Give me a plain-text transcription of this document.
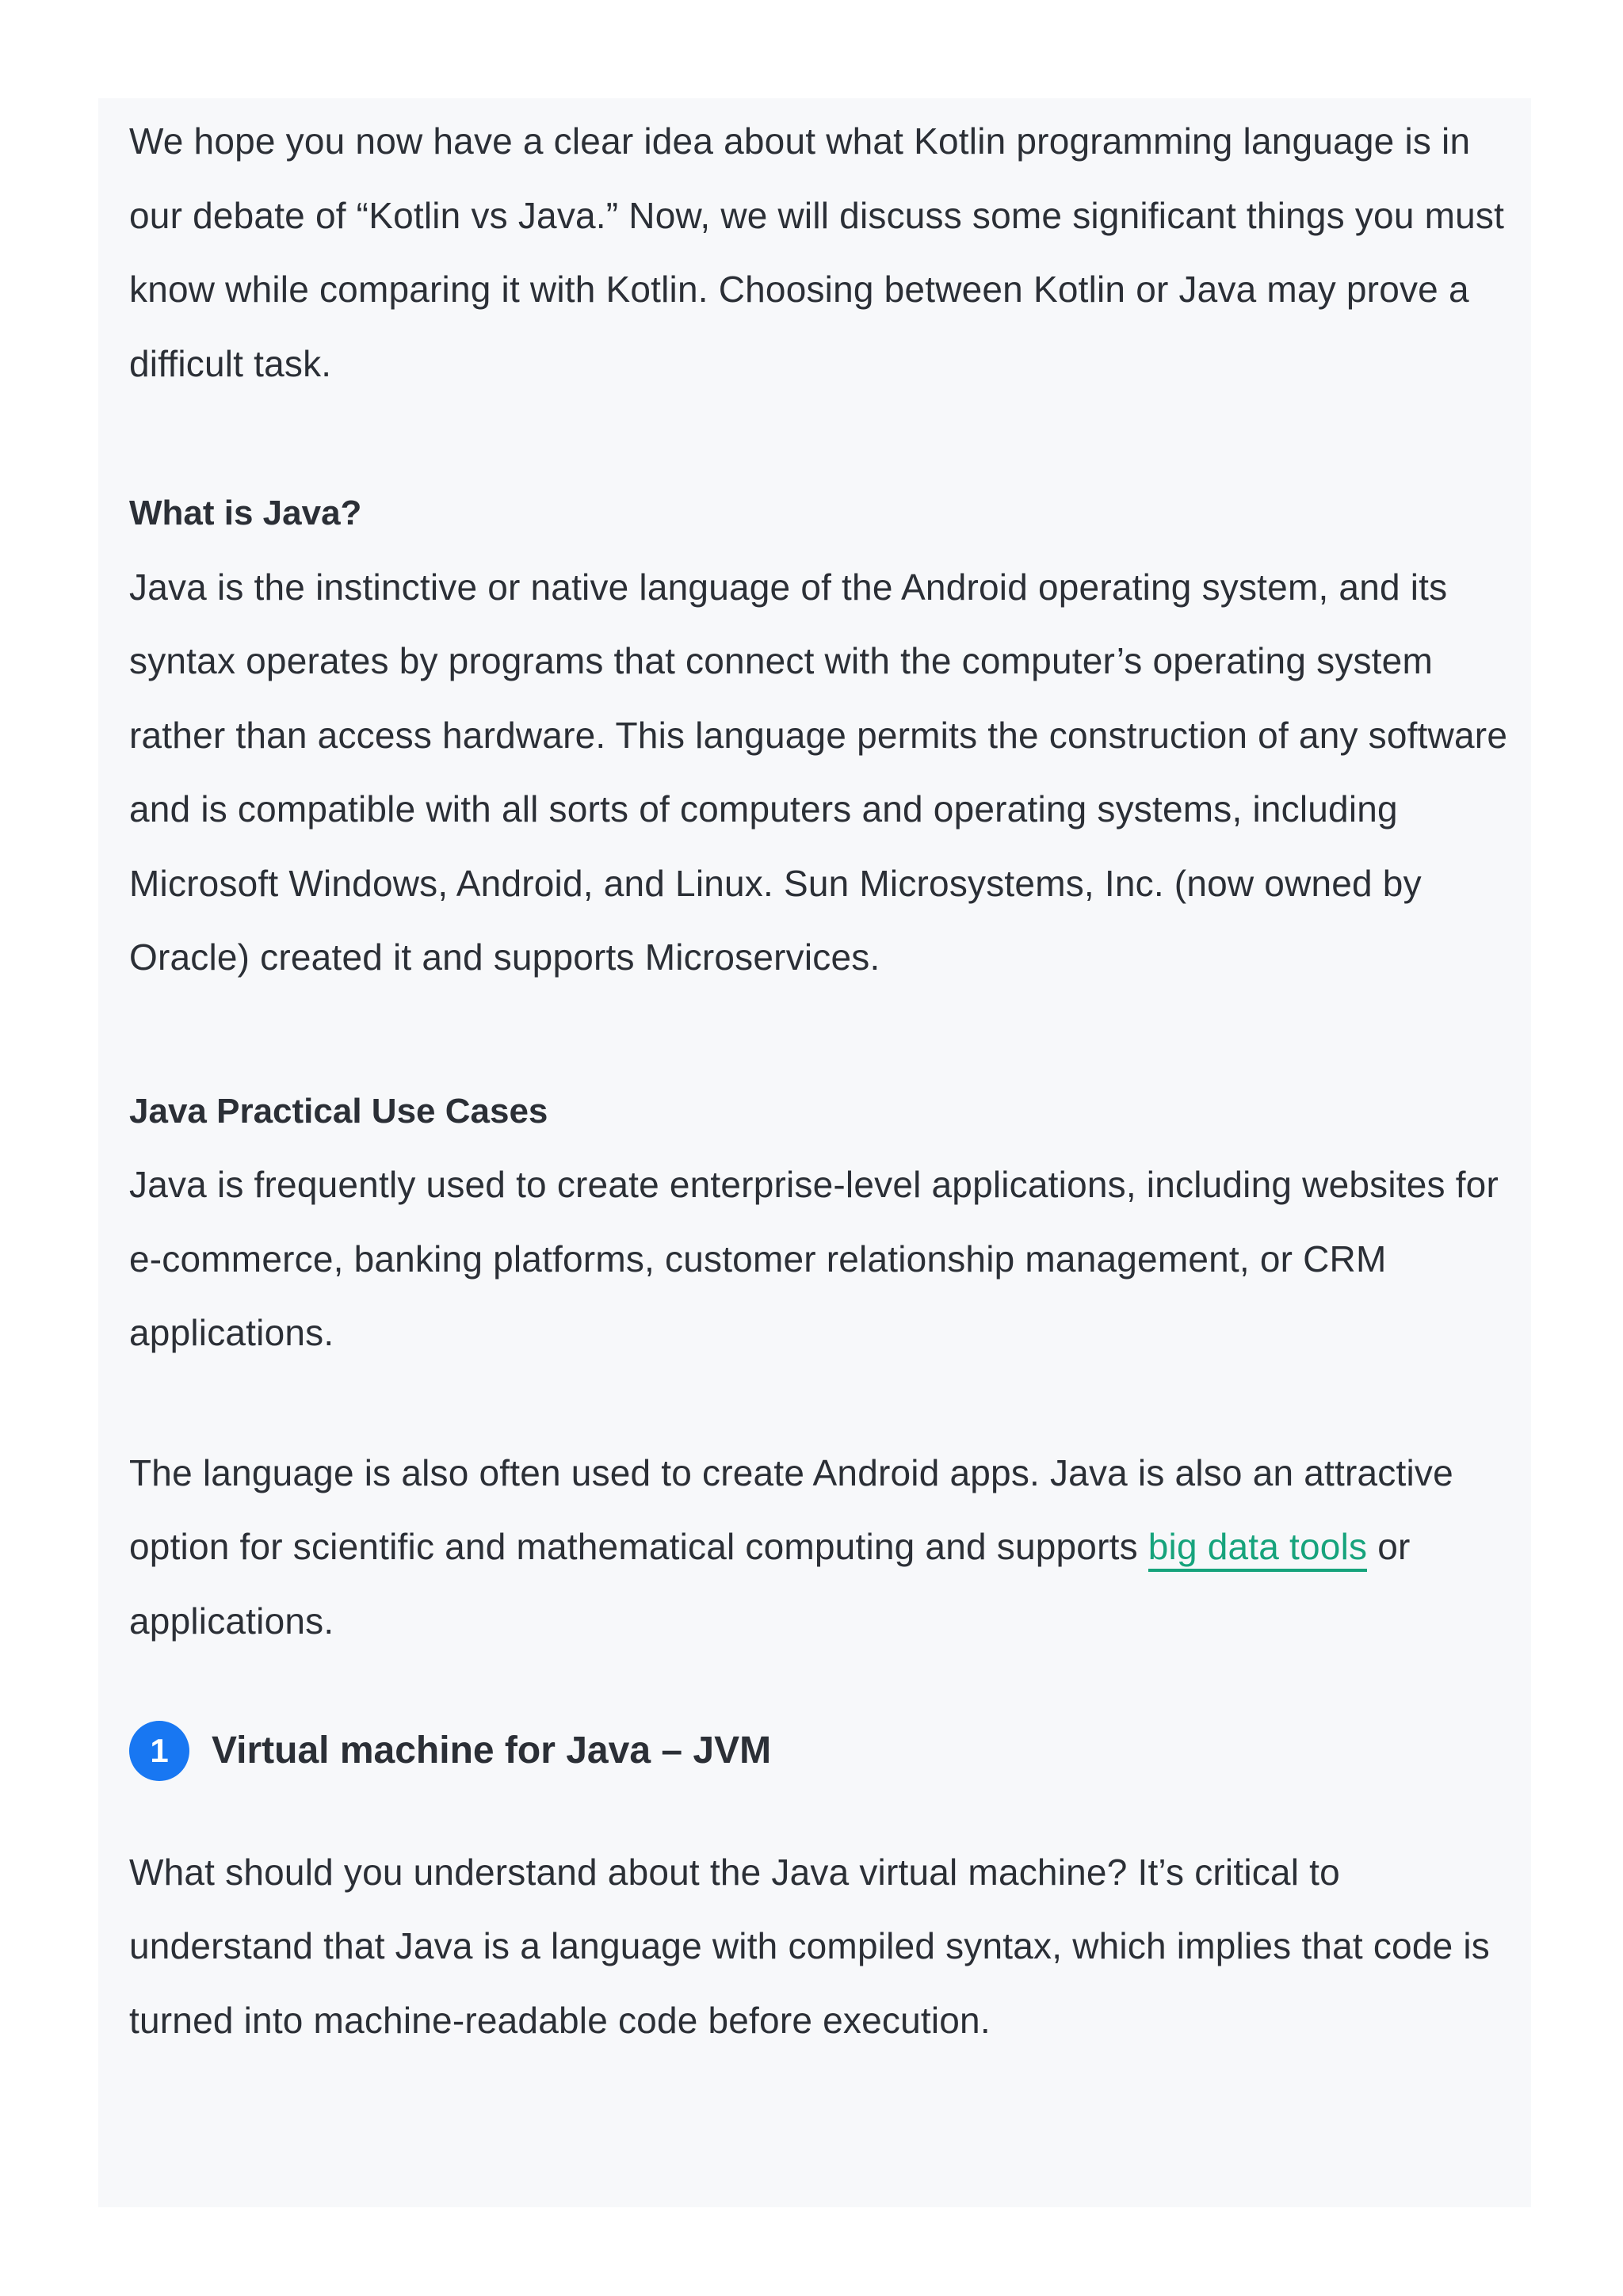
We hope you now have a clear idea about what Kotlin programming language is in our debate of “Kotlin vs Java.” Now, we will discuss some significant things you must know while comparing it with Kotlin. Choosing between Kotlin or Java may prove a difficult task.

What is Java?

Java is the instinctive or native language of the Android operating system, and its syntax operates by programs that connect with the computer’s operating system rather than access hardware. This language permits the construction of any software and is compatible with all sorts of computers and operating systems, including Microsoft Windows, Android, and Linux. Sun Microsystems, Inc. (now owned by Oracle) created it and supports Microservices.

Java Practical Use Cases

Java is frequently used to create enterprise-level applications, including websites for e-commerce, banking platforms, customer relationship management, or CRM applications.

The language is also often used to create Android apps. Java is also an attractive option for scientific and mathematical computing and supports big data tools or applications.

1	Virtual machine for Java – JVM

What should you understand about the Java virtual machine? It’s critical to understand that Java is a language with compiled syntax, which implies that code is turned into machine-readable code before execution.
